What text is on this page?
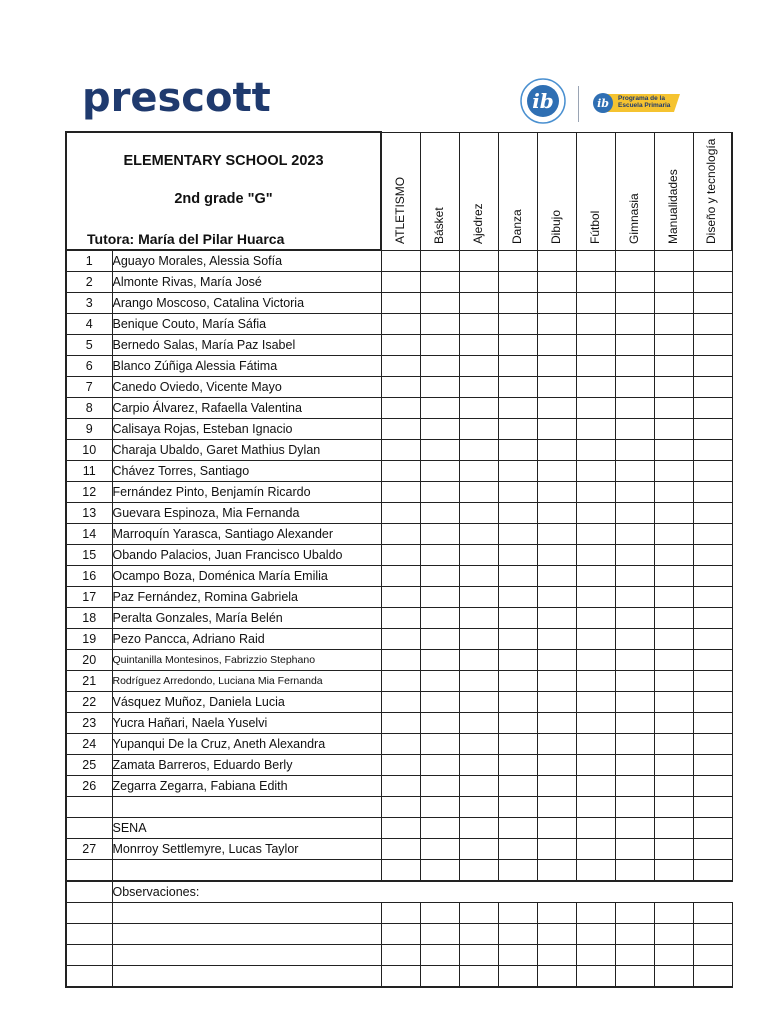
prescott	ib	ib Programa de la Escuela Primaria
ELEMENTARY SCHOOL 2023
2nd grade "G"
Tutora: María del Pilar Huarca		ATLETISMO	Básket	Ajedrez	Danza	Dibujo	Fútbol	Gimnasia	Manualidades	Diseño y tecnología

1	Aguayo Morales, Alessia Sofía									
2	Almonte Rivas, María José									
3	Arango Moscoso, Catalina Victoria									
4	Benique Couto, María Sáfia									
5	Bernedo Salas, María Paz Isabel									
6	Blanco Zúñiga Alessia Fátima									
7	Canedo Oviedo, Vicente Mayo									
8	Carpio Álvarez, Rafaella Valentina									
9	Calisaya Rojas, Esteban Ignacio									
10	Charaja Ubaldo, Garet Mathius Dylan									
11	Chávez Torres, Santiago									
12	Fernández Pinto, Benjamín Ricardo									
13	Guevara Espinoza, Mia Fernanda									
14	Marroquín Yarasca, Santiago Alexander									
15	Obando Palacios, Juan Francisco Ubaldo									
16	Ocampo Boza, Doménica María Emilia									
17	Paz Fernández, Romina Gabriela									
18	Peralta Gonzales, María Belén									
19	Pezo Pancca, Adriano Raid									
20	Quintanilla Montesinos, Fabrizzio Stephano									
21	Rodríguez Arredondo, Luciana Mia Fernanda									
22	Vásquez Muñoz, Daniela Lucia									
23	Yucra Hañari, Naela Yuselvi									
24	Yupanqui De la Cruz, Aneth Alexandra									
25	Zamata Barreros, Eduardo Berly									
26	Zegarra Zegarra, Fabiana Edith									

	SENA									
27	Monrroy Settlemyre, Lucas Taylor									

	Observaciones:									
